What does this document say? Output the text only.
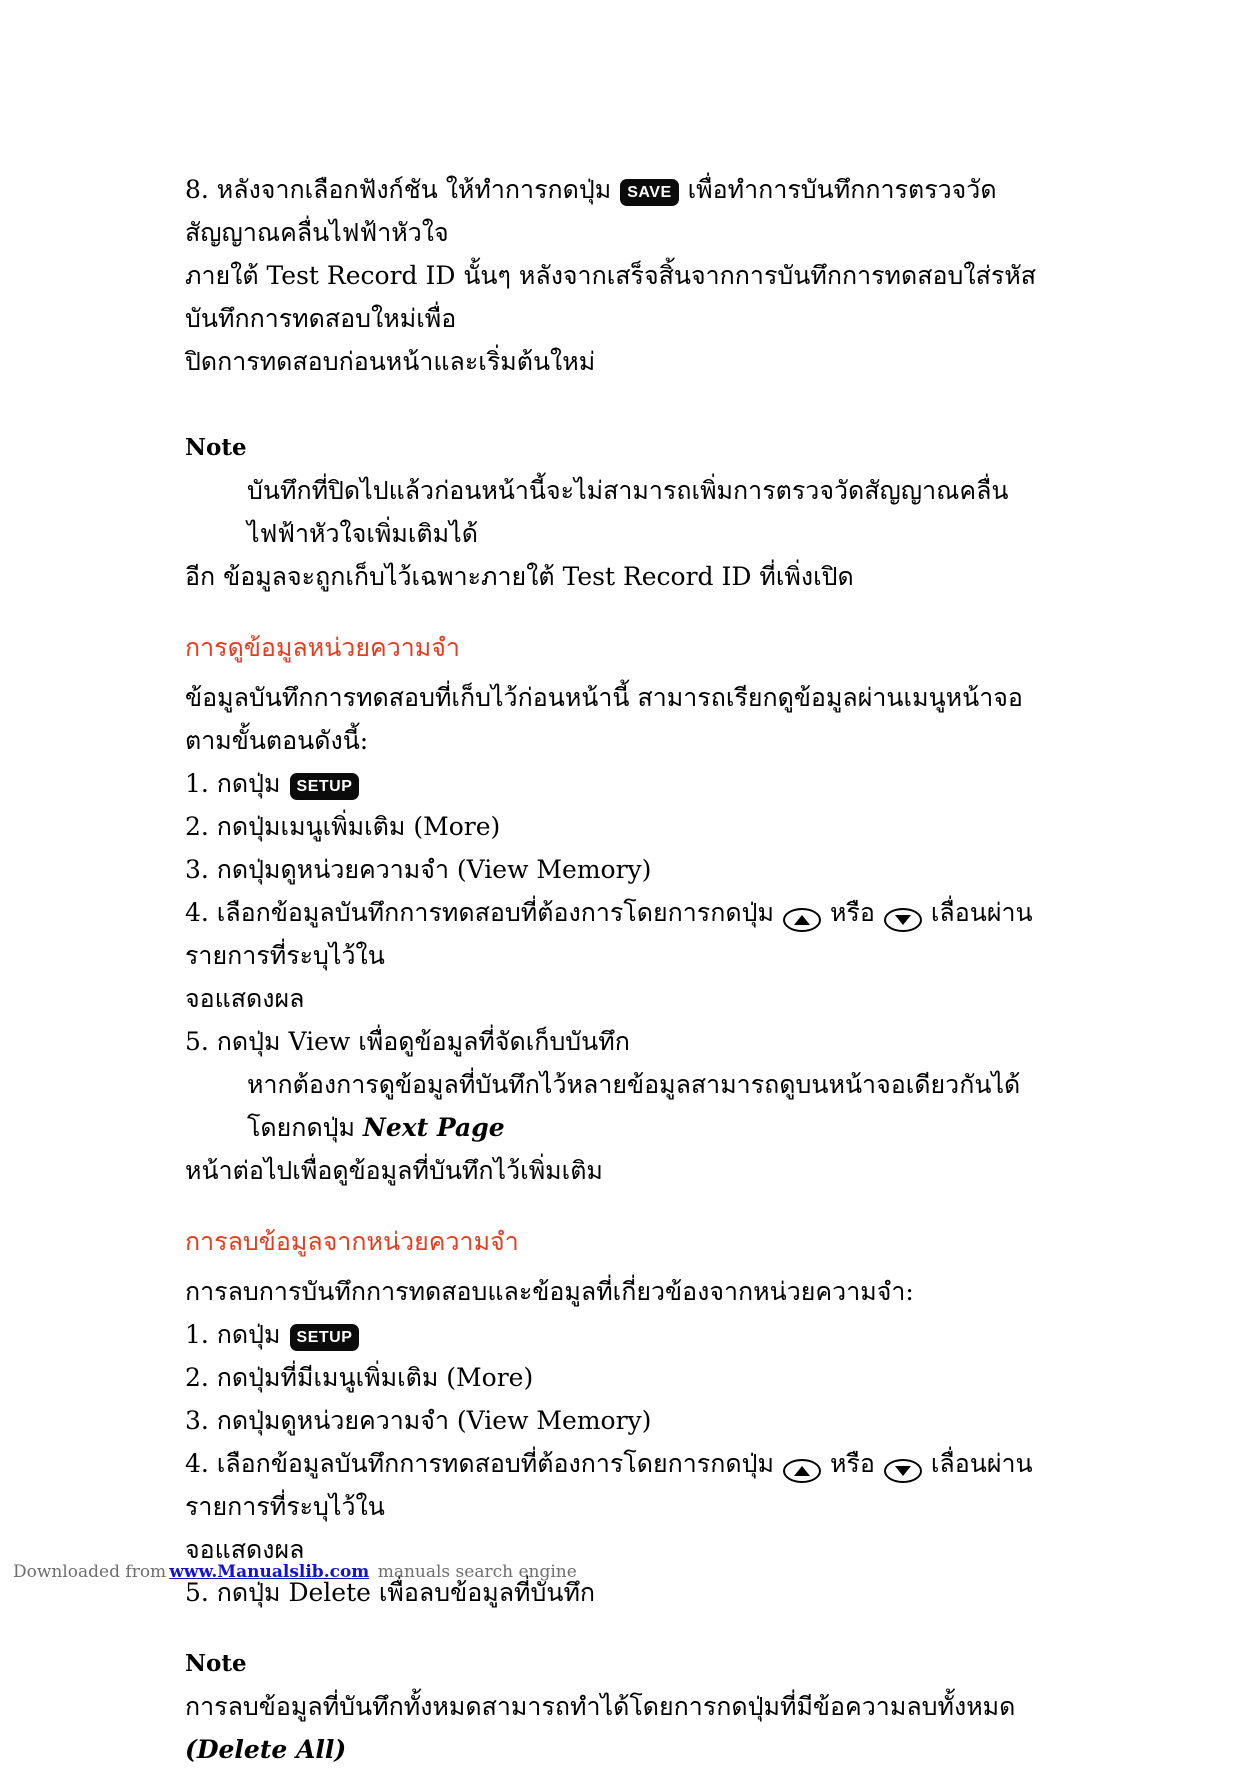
8. หลังจากเลือกฟังก์ชัน ให้ทำการกดปุ่ม SAVE เพื่อทำการบันทึกการตรวจวัดสัญญาณคลื่นไฟฟ้าหัวใจ
ภายใต้ Test Record ID นั้นๆ หลังจากเสร็จสิ้นจากการบันทึกการทดสอบใส่รหัสบันทึกการทดสอบใหม่เพื่อ
ปิดการทดสอบก่อนหน้าและเริ่มต้นใหม่
Note
บันทึกที่ปิดไปแล้วก่อนหน้านี้จะไม่สามารถเพิ่มการตรวจวัดสัญญาณคลื่นไฟฟ้าหัวใจเพิ่มเติมได้
อีก ข้อมูลจะถูกเก็บไว้เฉพาะภายใต้ Test Record ID ที่เพิ่งเปิด
การดูข้อมูลหน่วยความจำ
ข้อมูลบันทึกการทดสอบที่เก็บไว้ก่อนหน้านี้ สามารถเรียกดูข้อมูลผ่านเมนูหน้าจอ ตามขั้นตอนดังนี้:
1. กดปุ่ม SETUP
2. กดปุ่มเมนูเพิ่มเติม (More)
3. กดปุ่มดูหน่วยความจำ (View Memory)
4. เลือกข้อมูลบันทึกการทดสอบที่ต้องการโดยการกดปุ่ม หรือ เลื่อนผ่านรายการที่ระบุไว้ใน
จอแสดงผล
5. กดปุ่ม View เพื่อดูข้อมูลที่จัดเก็บบันทึก
หากต้องการดูข้อมูลที่บันทึกไว้หลายข้อมูลสามารถดูบนหน้าจอเดียวกันได้ โดยกดปุ่ม Next Page
หน้าต่อไปเพื่อดูข้อมูลที่บันทึกไว้เพิ่มเติม
การลบข้อมูลจากหน่วยความจำ
การลบการบันทึกการทดสอบและข้อมูลที่เกี่ยวข้องจากหน่วยความจำ:
1. กดปุ่ม SETUP
2. กดปุ่มที่มีเมนูเพิ่มเติม (More)
3. กดปุ่มดูหน่วยความจำ (View Memory)
4. เลือกข้อมูลบันทึกการทดสอบที่ต้องการโดยการกดปุ่ม หรือ เลื่อนผ่านรายการที่ระบุไว้ใน
จอแสดงผล
5. กดปุ่ม Delete เพื่อลบข้อมูลที่บันทึก
Note
การลบข้อมูลที่บันทึกทั้งหมดสามารถทำได้โดยการกดปุ่มที่มีข้อความลบทั้งหมด (Delete All)
Downloaded from www.Manualslib.com manuals search engine
